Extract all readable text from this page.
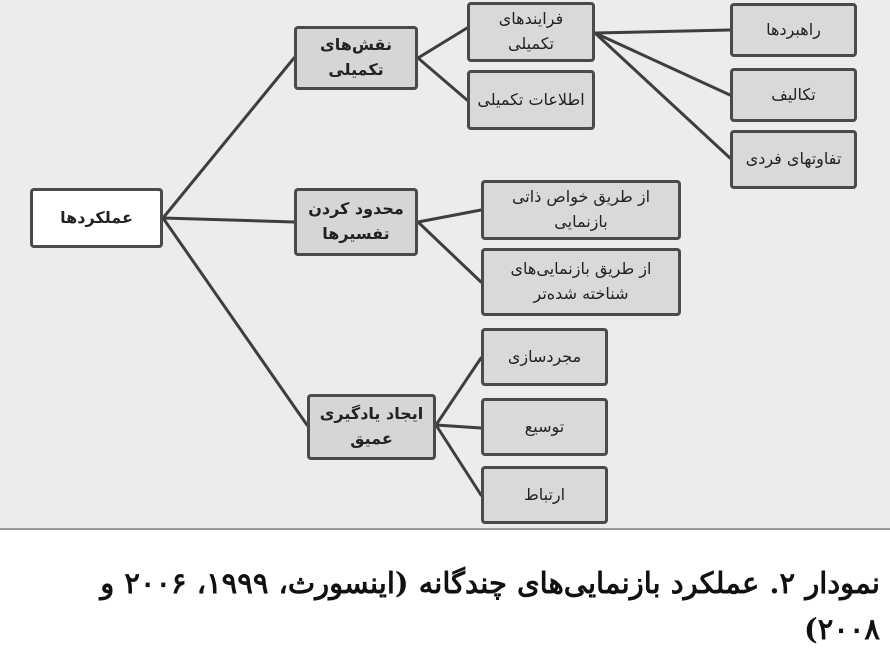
عملکردها
نقش‌های تکمیلی
محدود کردن تفسیرها
ایجاد یادگیری عمیق
فرایندهای تکمیلی
اطلاعات تکمیلی
راهبردها
تکالیف
تفاوتهای فردی
از طریق خواص ذاتی بازنمایی
از طریق بازنمایی‌های شناخته شده‌تر
مجردسازی
توسیع
ارتباط
نمودار ۲. عملکرد بازنمایی‌های چندگانه (اینسورث، ۱۹۹۹، ۲۰۰۶ و ۲۰۰۸)
